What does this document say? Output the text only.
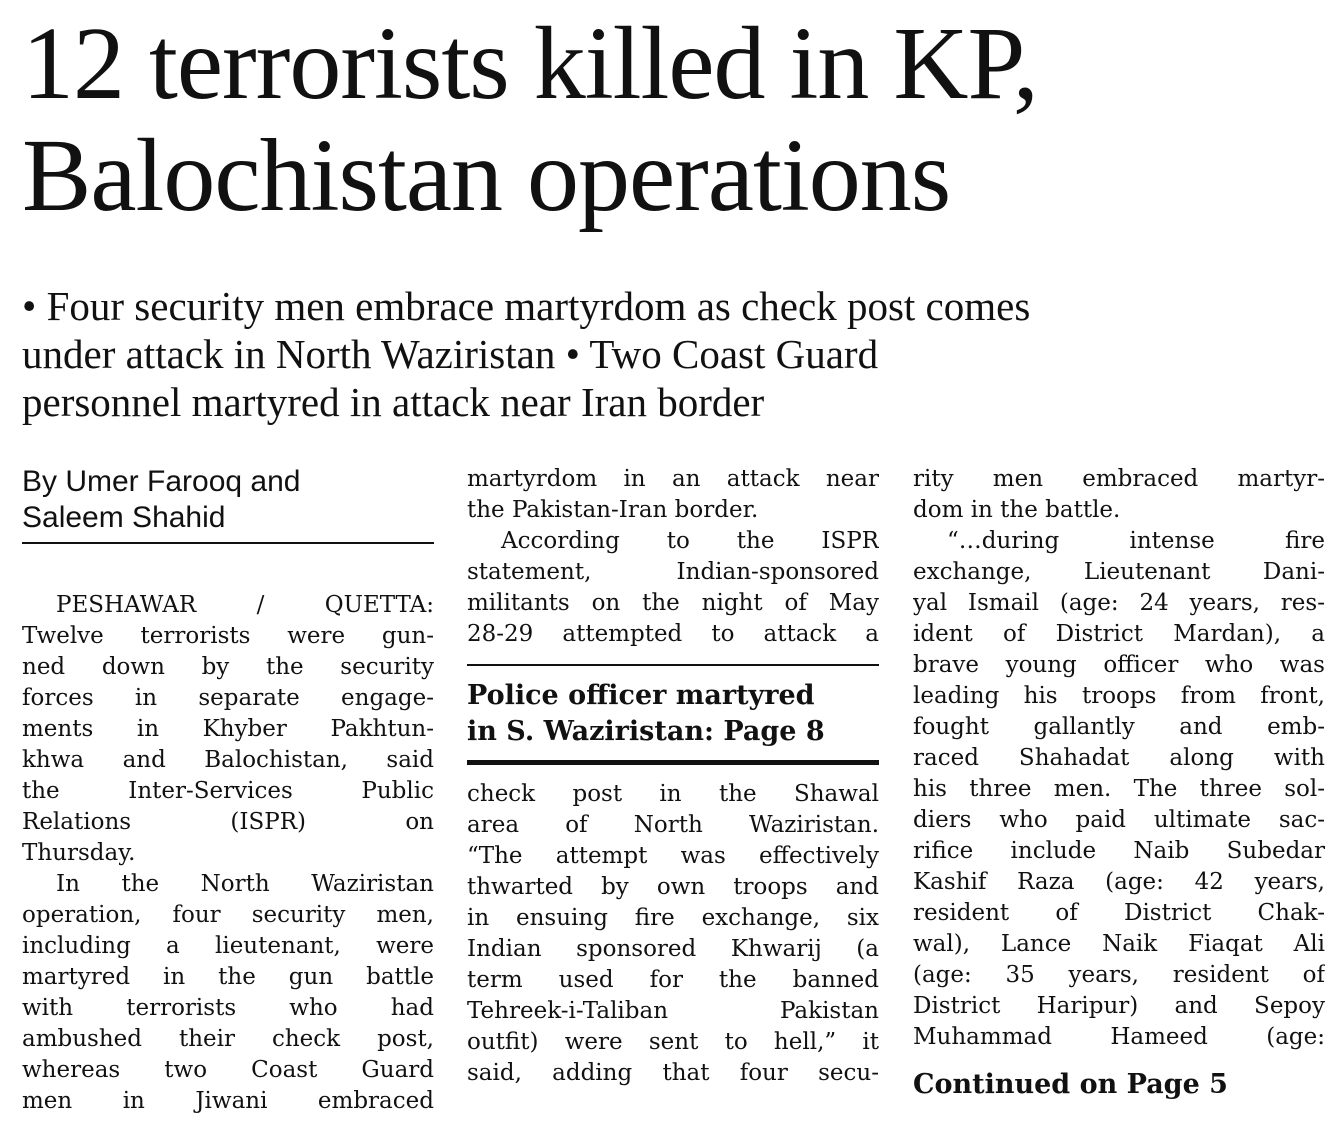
12 terrorists killed in KP,
Balochistan operations
• Four security men embrace martyrdom as check post comes
under attack in North Waziristan • Two Coast Guard
personnel martyred in attack near Iran border
By Umer Farooq and
Saleem Shahid
PESHAWAR / QUETTA:
Twelve terrorists were gun-
ned down by the security
forces in separate engage-
ments in Khyber Pakhtun-
khwa and Balochistan, said
the Inter-Services Public
Relations (ISPR) on
Thursday.
In the North Waziristan
operation, four security men,
including a lieutenant, were
martyred in the gun battle
with terrorists who had
ambushed their check post,
whereas two Coast Guard
men in Jiwani embraced
martyrdom in an attack near
the Pakistan-Iran border.
According to the ISPR
statement, Indian-sponsored
militants on the night of May
28-29 attempted to attack a
Police officer martyred
in S. Waziristan: Page 8
check post in the Shawal
area of North Waziristan.
“The attempt was effectively
thwarted by own troops and
in ensuing fire exchange, six
Indian sponsored Khwarij (a
term used for the banned
Tehreek-i-Taliban Pakistan
outfit) were sent to hell,” it
said, adding that four secu-
rity men embraced martyr-
dom in the battle.
“…during intense fire
exchange, Lieutenant Dani-
yal Ismail (age: 24 years, res-
ident of District Mardan), a
brave young officer who was
leading his troops from front,
fought gallantly and emb-
raced Shahadat along with
his three men. The three sol-
diers who paid ultimate sac-
rifice include Naib Subedar
Kashif Raza (age: 42 years,
resident of District Chak-
wal), Lance Naik Fiaqat Ali
(age: 35 years, resident of
District Haripur) and Sepoy
Muhammad Hameed (age:
Continued on Page 5
